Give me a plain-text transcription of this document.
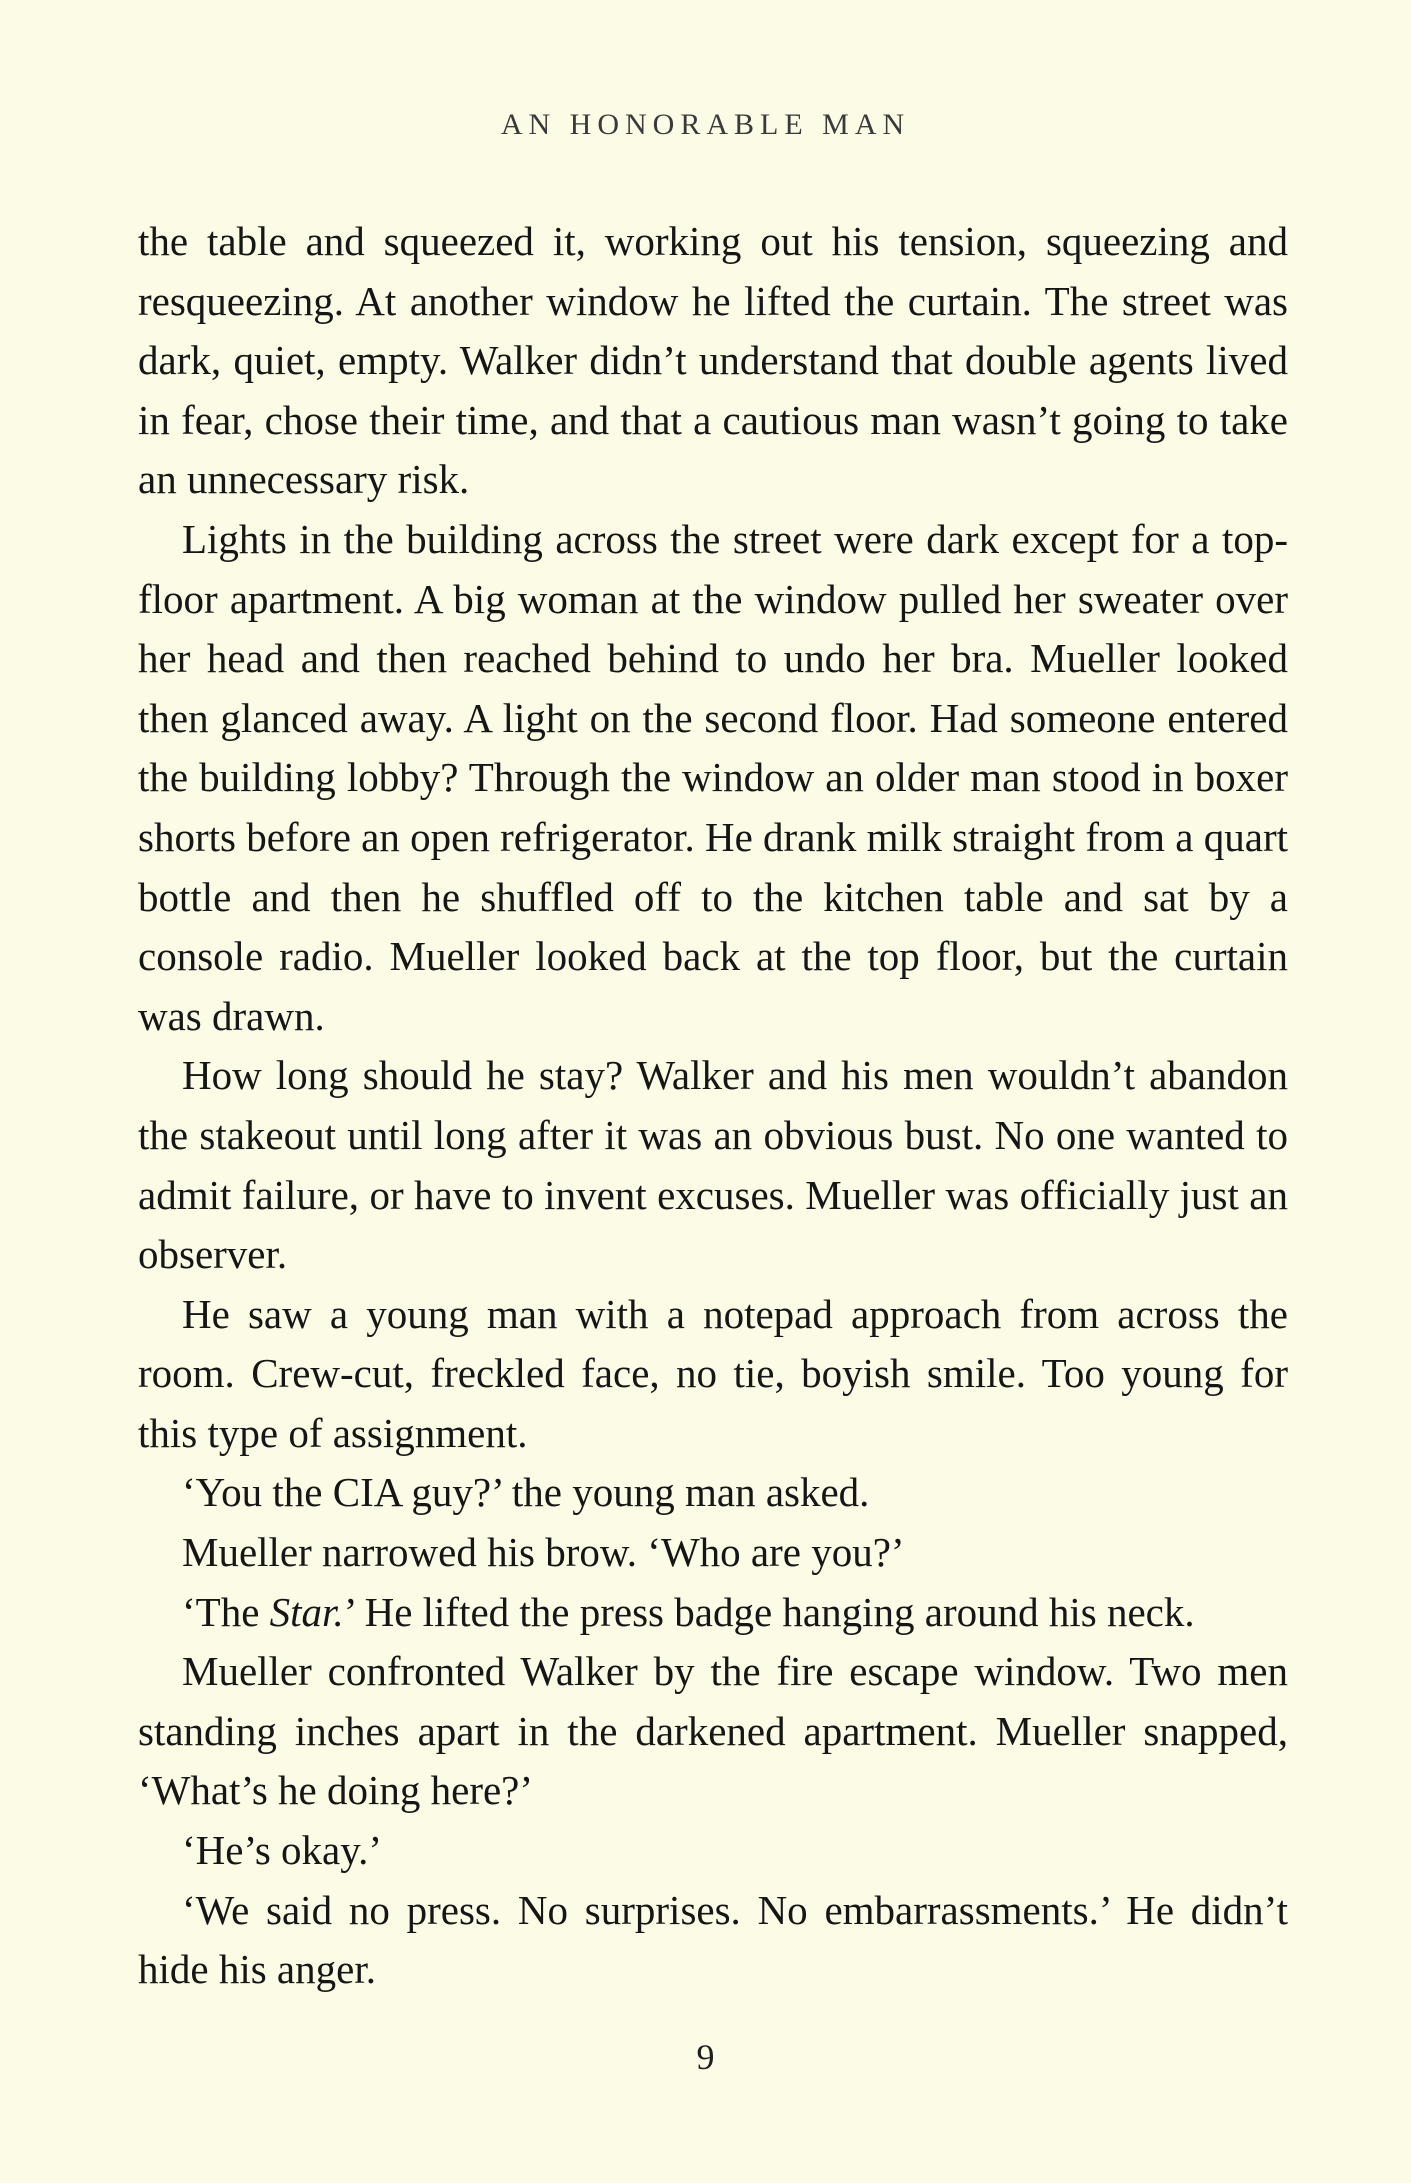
AN HONORABLE MAN

the table and squeezed it, working out his tension, squeezing and resqueezing. At another window he lifted the curtain. The street was dark, quiet, empty. Walker didn’t understand that double agents lived in fear, chose their time, and that a cautious man wasn’t going to take an unnecessary risk.

Lights in the building across the street were dark except for a top-floor apartment. A big woman at the window pulled her sweater over her head and then reached behind to undo her bra. Mueller looked then glanced away. A light on the second floor. Had someone entered the building lobby? Through the window an older man stood in boxer shorts before an open refrigerator. He drank milk straight from a quart bottle and then he shuffled off to the kitchen table and sat by a console radio. Mueller looked back at the top floor, but the curtain was drawn.

How long should he stay? Walker and his men wouldn’t abandon the stakeout until long after it was an obvious bust. No one wanted to admit failure, or have to invent excuses. Mueller was officially just an observer.

He saw a young man with a notepad approach from across the room. Crew-cut, freckled face, no tie, boyish smile. Too young for this type of assignment.

‘You the CIA guy?’ the young man asked.

Mueller narrowed his brow. ‘Who are you?’

‘The Star.’ He lifted the press badge hanging around his neck.

Mueller confronted Walker by the fire escape window. Two men standing inches apart in the darkened apartment. Mueller snapped, ‘What’s he doing here?’

‘He’s okay.’

‘We said no press. No surprises. No embarrassments.’ He didn’t hide his anger.

9
